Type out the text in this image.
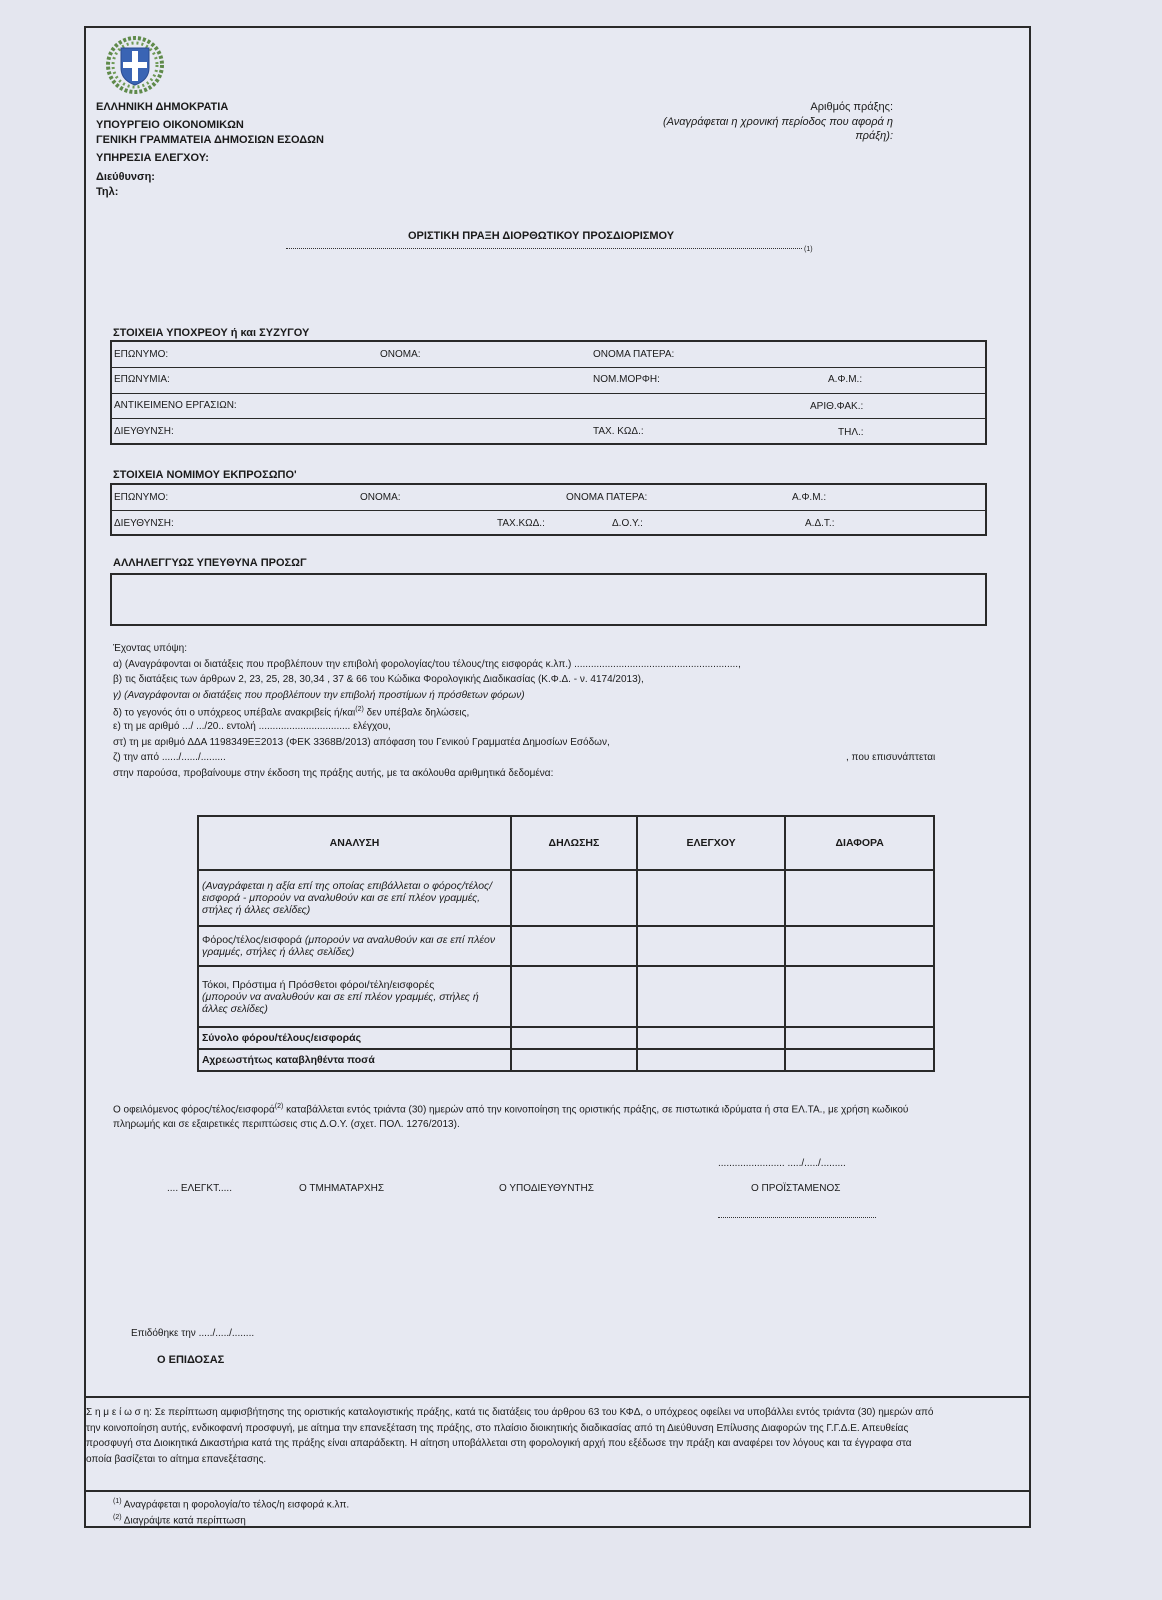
ΕΛΛΗΝΙΚΗ ΔΗΜΟΚΡΑΤΙΑ
ΥΠΟΥΡΓΕΙΟ ΟΙΚΟΝΟΜΙΚΩΝ
ΓΕΝΙΚΗ ΓΡΑΜΜΑΤΕΙΑ ΔΗΜΟΣΙΩΝ ΕΣΟΔΩΝ
ΥΠΗΡΕΣΙΑ ΕΛΕΓΧΟΥ:
Διεύθυνση:
Τηλ:
Αριθμός πράξης:
(Αναγράφεται η χρονική περίοδος που αφορά η
πράξη):
ΟΡΙΣΤΙΚΗ ΠΡΑΞΗ ΔΙΟΡΘΩΤΙΚΟΥ ΠΡΟΣΔΙΟΡΙΣΜΟΥ
(1)
ΣΤΟΙΧΕΙΑ ΥΠΟΧΡΕΟΥ ή και ΣΥΖΥΓΟΥ
ΕΠΩΝΥΜΟ:	ΟΝΟΜΑ:	ΟΝΟΜΑ ΠΑΤΕΡΑ:
ΕΠΩΝΥΜΙΑ:	ΝΟΜ.ΜΟΡΦΗ:	Α.Φ.Μ.:
ΑΝΤΙΚΕΙΜΕΝΟ ΕΡΓΑΣΙΩΝ:	ΑΡΙΘ.ΦΑΚ.:
ΔΙΕΥΘΥΝΣΗ:	ΤΑΧ. ΚΩΔ.:	ΤΗΛ.:
ΣΤΟΙΧΕΙΑ ΝΟΜΙΜΟΥ ΕΚΠΡΟΣΩΠΟ'
ΕΠΩΝΥΜΟ:	ΟΝΟΜΑ:	ΟΝΟΜΑ ΠΑΤΕΡΑ:	Α.Φ.Μ.:
ΔΙΕΥΘΥΝΣΗ:	ΤΑΧ.ΚΩΔ.:	Δ.Ο.Υ.:	Α.Δ.Τ.:
ΑΛΛΗΛΕΓΓΥΩΣ ΥΠΕΥΘΥΝΑ ΠΡΟΣΩΓ
Έχοντας υπόψη:
α) (Αναγράφονται οι διατάξεις που προβλέπουν την επιβολή φορολογίας/του τέλους/της εισφοράς κ.λπ.) ...........................................................,
β) τις διατάξεις των άρθρων 2, 23, 25, 28, 30,34 , 37 & 66 του Κώδικα Φορολογικής Διαδικασίας (Κ.Φ.Δ. - ν. 4174/2013),
γ) (Αναγράφονται οι διατάξεις που προβλέπουν την επιβολή προστίμων ή πρόσθετων φόρων)
δ) το γεγονός ότι ο υπόχρεος υπέβαλε ανακριβείς ή/και$^{(2)}$ δεν υπέβαλε δηλώσεις,
ε) τη με αριθμό .../ .../20.. εντολή ................................. ελέγχου,
στ) τη με αριθμό ΔΔΑ 1198349ΕΞ2013 (ΦΕΚ 3368Β/2013) απόφαση του Γενικού Γραμματέα Δημοσίων Εσόδων,
ζ) την από ....../....../.........	, που επισυνάπτεται
στην παρούσα, προβαίνουμε στην έκδοση της πράξης αυτής, με τα ακόλουθα αριθμητικά δεδομένα:
ΑΝΑΛΥΣΗ	ΔΗΛΩΣΗΣ	ΕΛΕΓΧΟΥ	ΔΙΑΦΟΡΑ
(Αναγράφεται η αξία επί της οποίας επιβάλλεται ο φόρος/τέλος/εισφορά - μπορούν να αναλυθούν και σε επί πλέον γραμμές, στήλες ή άλλες σελίδες)			
Φόρος/τέλος/εισφορά (μπορούν να αναλυθούν και σε επί πλέον γραμμές, στήλες ή άλλες σελίδες)			
Τόκοι, Πρόστιμα ή Πρόσθετοι φόροι/τέλη/εισφορές
(μπορούν να αναλυθούν και σε επί πλέον γραμμές, στήλες ή άλλες σελίδες)			
Σύνολο φόρου/τέλους/εισφοράς			
Αχρεωστήτως καταβληθέντα ποσά			
Ο οφειλόμενος φόρος/τέλος/εισφορά$^{(2)}$ καταβάλλεται εντός τριάντα (30) ημερών από την κοινοποίηση της οριστικής πράξης, σε πιστωτικά ιδρύματα ή στα ΕΛ.ΤΑ., με χρήση κωδικού
πληρωμής και σε εξαιρετικές περιπτώσεις στις Δ.Ο.Υ. (σχετ. ΠΟΛ. 1276/2013).
........................ ...../...../.........
.... ΕΛΕΓΚΤ.....	Ο ΤΜΗΜΑΤΑΡΧΗΣ	Ο ΥΠΟΔΙΕΥΘΥΝΤΗΣ	Ο ΠΡΟΪΣΤΑΜΕΝΟΣ
Επιδόθηκε την ...../...../........
Ο ΕΠΙΔΟΣΑΣ
Σ η μ ε ί ω σ η: Σε περίπτωση αμφισβήτησης της οριστικής καταλογιστικής πράξης, κατά τις διατάξεις του άρθρου 63 του ΚΦΔ, ο υπόχρεος οφείλει να υποβάλλει εντός τριάντα (30) ημερών από
την κοινοποίηση αυτής, ενδικοφανή προσφυγή, με αίτημα την επανεξέταση της πράξης, στο πλαίσιο διοικητικής διαδικασίας από τη Διεύθυνση Επίλυσης Διαφορών της Γ.Γ.Δ.Ε. Απευθείας
προσφυγή στα Διοικητικά Δικαστήρια κατά της πράξης είναι απαράδεκτη. Η αίτηση υποβάλλεται στη φορολογική αρχή που εξέδωσε την πράξη και αναφέρει τον λόγους και τα έγγραφα στα
οποία βασίζεται το αίτημα επανεξέτασης.
$^{(1)}$ Αναγράφεται η φορολογία/το τέλος/η εισφορά κ.λπ.
$^{(2)}$ Διαγράψτε κατά περίπτωση
